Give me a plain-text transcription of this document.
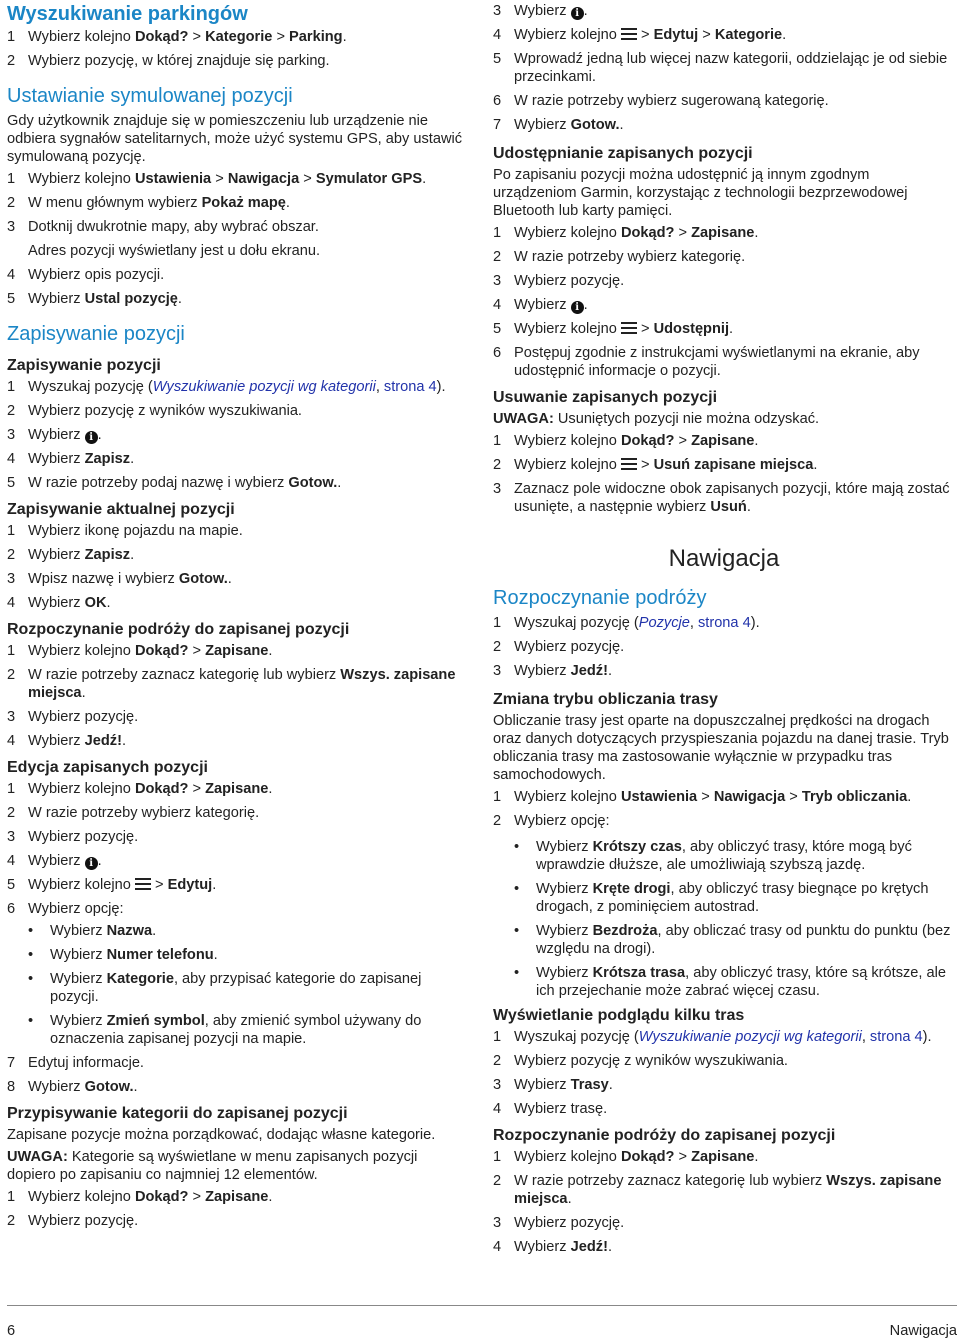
Wyszukiwanie parkingów
1 Wybierz kolejno Dokąd? > Kategorie > Parking.
2 Wybierz pozycję, w której znajduje się parking.
Ustawianie symulowanej pozycji

Gdy użytkownik znajduje się w pomieszczeniu lub urządzenie nie odbiera sygnałów satelitarnych, może użyć systemu GPS, aby ustawić symulowaną pozycję.

1 Wybierz kolejno Ustawienia > Nawigacja > Symulator GPS.
2 W menu głównym wybierz Pokaż mapę.
3 Dotknij dwukrotnie mapy, aby wybrać obszar.
Adres pozycji wyświetlany jest u dołu ekranu.
4 Wybierz opis pozycji.
5 Wybierz Ustal pozycję.
Zapisywanie pozycji
Zapisywanie pozycji
1 Wyszukaj pozycję (Wyszukiwanie pozycji wg kategorii, strona 4).
2 Wybierz pozycję z wyników wyszukiwania.
3 Wybierz i .
4 Wybierz Zapisz.
5 W razie potrzeby podaj nazwę i wybierz Gotow..
Zapisywanie aktualnej pozycji
1 Wybierz ikonę pojazdu na mapie.
2 Wybierz Zapisz.
3 Wpisz nazwę i wybierz Gotow..
4 Wybierz OK.
Rozpoczynanie podróży do zapisanej pozycji
1 Wybierz kolejno Dokąd? > Zapisane.
2 W razie potrzeby zaznacz kategorię lub wybierz Wszys. zapisane miejsca.
3 Wybierz pozycję.
4 Wybierz Jedź!.
Edycja zapisanych pozycji
1 Wybierz kolejno Dokąd? > Zapisane.
2 W razie potrzeby wybierz kategorię.
3 Wybierz pozycję.
4 Wybierz i .
5 Wybierz kolejno  > Edytuj.
6 Wybierz opcję:
• Wybierz Nazwa.
• Wybierz Numer telefonu.
• Wybierz Kategorie, aby przypisać kategorie do zapisanej pozycji.
• Wybierz Zmień symbol, aby zmienić symbol używany do oznaczenia zapisanej pozycji na mapie.
7 Edytuj informacje.
8 Wybierz Gotow..
Przypisywanie kategorii do zapisanej pozycji

Zapisane pozycje można porządkować, dodając własne kategorie.

UWAGA: Kategorie są wyświetlane w menu zapisanych pozycji dopiero po zapisaniu co najmniej 12 elementów.

1 Wybierz kolejno Dokąd? > Zapisane.
2 Wybierz pozycję.
3 Wybierz i .
4 Wybierz kolejno  > Edytuj > Kategorie.
5 Wprowadź jedną lub więcej nazw kategorii, oddzielając je od siebie przecinkami.
6 W razie potrzeby wybierz sugerowaną kategorię.
7 Wybierz Gotow..
Udostępnianie zapisanych pozycji

Po zapisaniu pozycji można udostępnić ją innym zgodnym urządzeniom Garmin, korzystając z technologii bezprzewodowej Bluetooth lub karty pamięci.

1 Wybierz kolejno Dokąd? > Zapisane.
2 W razie potrzeby wybierz kategorię.
3 Wybierz pozycję.
4 Wybierz i .
5 Wybierz kolejno  > Udostępnij.
6 Postępuj zgodnie z instrukcjami wyświetlanymi na ekranie, aby udostępnić informacje o pozycji.
Usuwanie zapisanych pozycji

UWAGA: Usuniętych pozycji nie można odzyskać.

1 Wybierz kolejno Dokąd? > Zapisane.
2 Wybierz kolejno  > Usuń zapisane miejsca.
3 Zaznacz pole widoczne obok zapisanych pozycji, które mają zostać usunięte, a następnie wybierz Usuń.
Nawigacja
Rozpoczynanie podróży
1 Wyszukaj pozycję (Pozycje, strona 4).
2 Wybierz pozycję.
3 Wybierz Jedź!.
Zmiana trybu obliczania trasy

Obliczanie trasy jest oparte na dopuszczalnej prędkości na drogach oraz danych dotyczących przyspieszania pojazdu na danej trasie. Tryb obliczania trasy ma zastosowanie wyłącznie w przypadku tras samochodowych.

1 Wybierz kolejno Ustawienia > Nawigacja > Tryb obliczania.
2 Wybierz opcję:
• Wybierz Krótszy czas, aby obliczyć trasy, które mogą być wprawdzie dłuższe, ale umożliwiają szybszą jazdę.
• Wybierz Kręte drogi, aby obliczyć trasy biegnące po krętych drogach, z pominięciem autostrad.
• Wybierz Bezdroża, aby obliczać trasy od punktu do punktu (bez względu na drogi).
• Wybierz Krótsza trasa, aby obliczyć trasy, które są krótsze, ale ich przejechanie może zabrać więcej czasu.
Wyświetlanie podglądu kilku tras
1 Wyszukaj pozycję (Wyszukiwanie pozycji wg kategorii, strona 4).
2 Wybierz pozycję z wyników wyszukiwania.
3 Wybierz Trasy.
4 Wybierz trasę.
Rozpoczynanie podróży do zapisanej pozycji
1 Wybierz kolejno Dokąd? > Zapisane.
2 W razie potrzeby zaznacz kategorię lub wybierz Wszys. zapisane miejsca.
3 Wybierz pozycję.
4 Wybierz Jedź!.
6	Nawigacja
